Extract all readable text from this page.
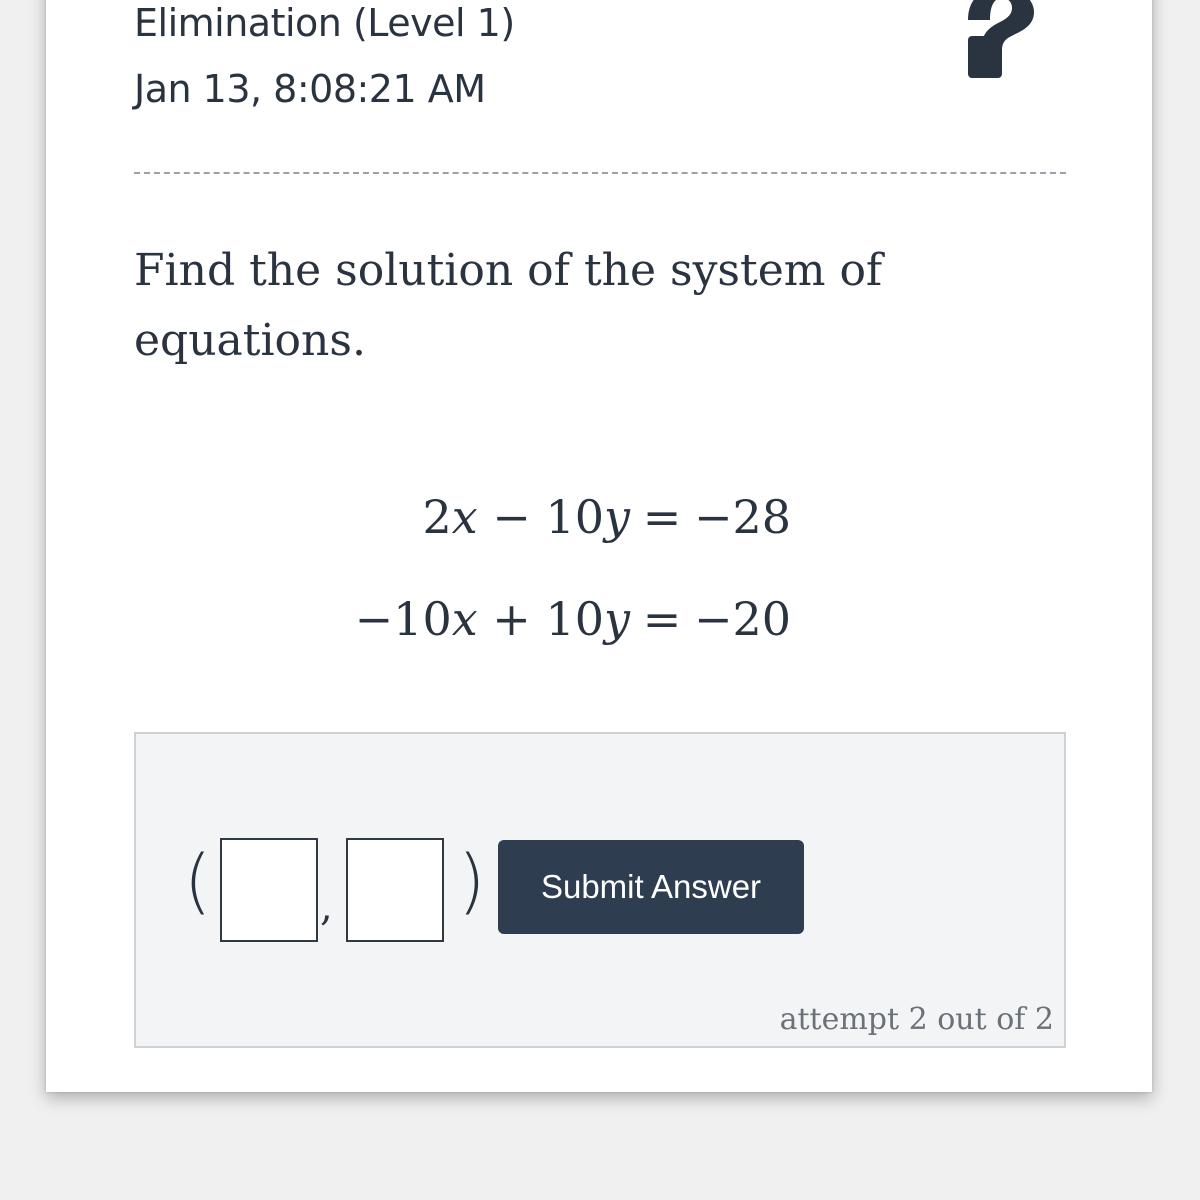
Elimination (Level 1)
Jan 13, 8:08:21 AM
Find the solution of the system of equations.
2x − 10y = −28
−10x + 10y = −20
(	, )	Submit Answer
attempt 2 out of 2
